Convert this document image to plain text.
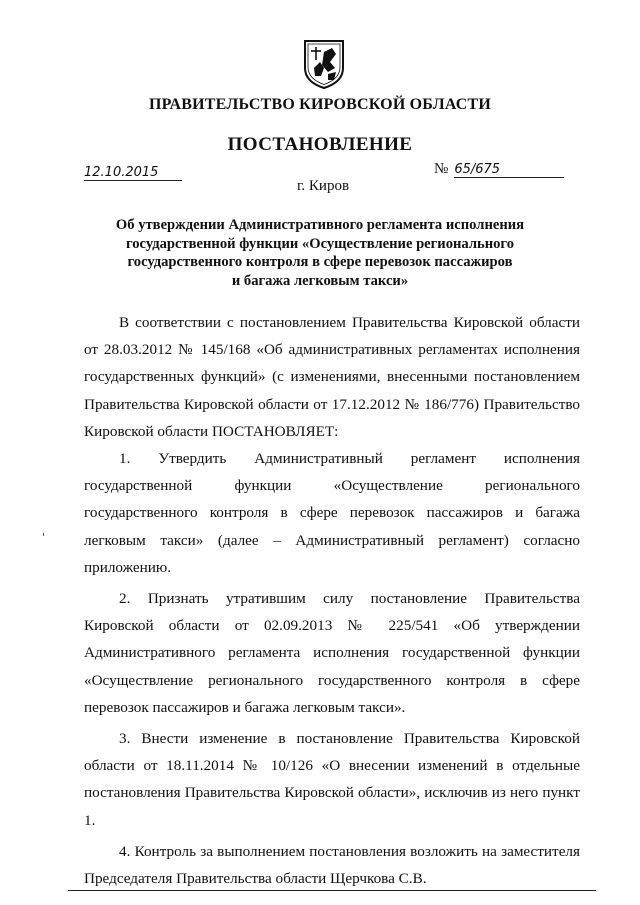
ПРАВИТЕЛЬСТВО КИРОВСКОЙ ОБЛАСТИ
ПОСТАНОВЛЕНИЕ
12.10.2015	№ 65/675
г. Киров
Об утверждении Административного регламента исполнения
государственной функции «Осуществление регионального
государственного контроля в сфере перевозок пассажиров
и багажа легковым такси»

В соответствии с постановлением Правительства Кировской области от 28.03.2012 № 145/168 «Об административных регламентах исполнения государственных функций» (с изменениями, внесенными постановлением Правительства Кировской области от 17.12.2012 № 186/776) Правительство Кировской области ПОСТАНОВЛЯЕТ:

1. Утвердить Административный регламент исполнения государственной функции «Осуществление регионального государственного контроля в сфере перевозок пассажиров и багажа легковым такси» (далее – Административный регламент) согласно приложению.

2. Признать утратившим силу постановление Правительства Кировской области от 02.09.2013 № 225/541 «Об утверждении Административного регламента исполнения государственной функции «Осуществление регионального государственного контроля в сфере перевозок пассажиров и багажа легковым такси».

3. Внести изменение в постановление Правительства Кировской области от 18.11.2014 № 10/126 «О внесении изменений в отдельные постановления Правительства Кировской области», исключив из него пункт 1.

4. Контроль за выполнением постановления возложить на заместителя Председателя Правительства области Щерчкова С.В.
